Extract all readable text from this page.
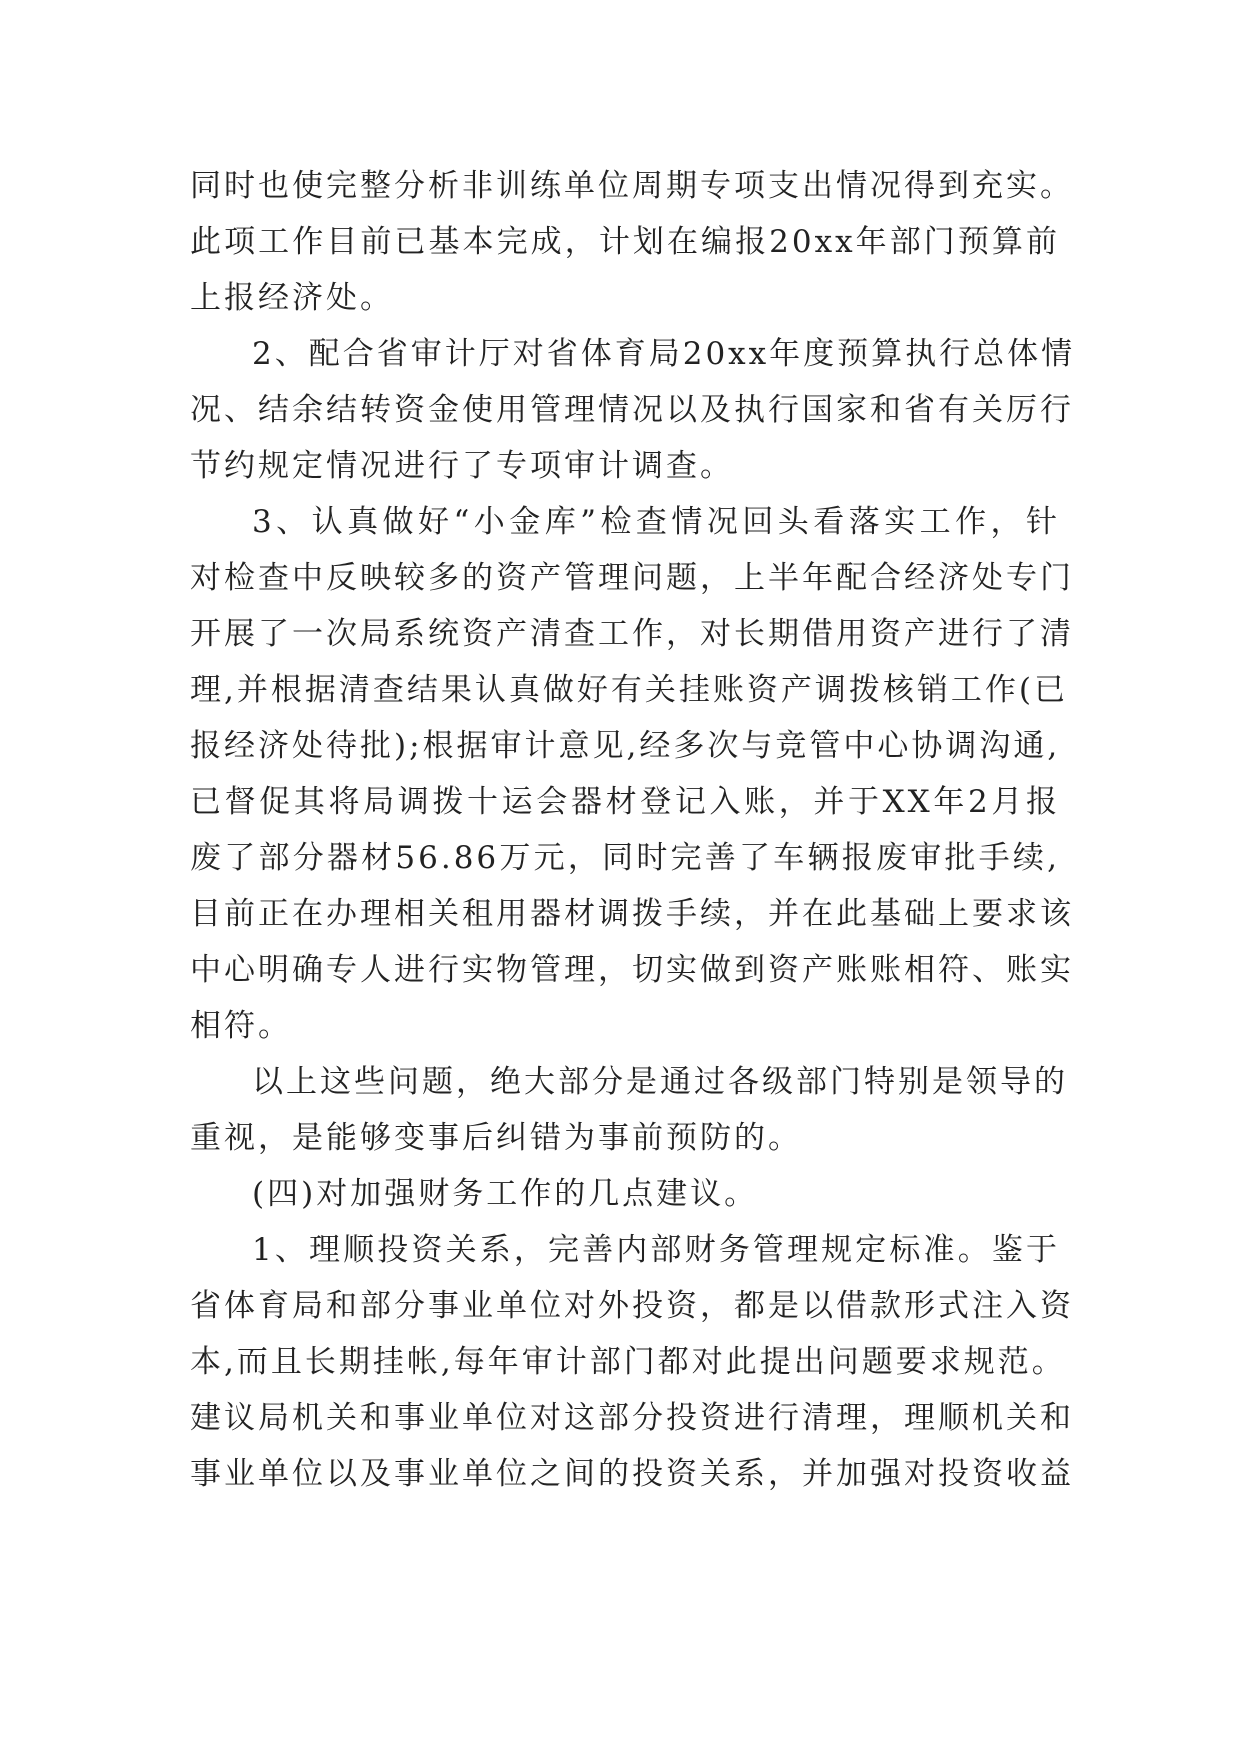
同时也使完整分析非训练单位周期专项支出情况得到充实。
此项工作目前已基本完成，计划在编报20xx年部门预算前
上报经济处。
2、配合省审计厅对省体育局20xx年度预算执行总体情
况、结余结转资金使用管理情况以及执行国家和省有关厉行
节约规定情况进行了专项审计调查。
3、认真做好“小金库”检查情况回头看落实工作，针
对检查中反映较多的资产管理问题，上半年配合经济处专门
开展了一次局系统资产清查工作，对长期借用资产进行了清
理,并根据清查结果认真做好有关挂账资产调拨核销工作(已
报经济处待批);根据审计意见,经多次与竞管中心协调沟通,
已督促其将局调拨十运会器材登记入账，并于XX年2月报
废了部分器材56.86万元，同时完善了车辆报废审批手续,
目前正在办理相关租用器材调拨手续，并在此基础上要求该
中心明确专人进行实物管理，切实做到资产账账相符、账实
相符。
以上这些问题，绝大部分是通过各级部门特别是领导的
重视，是能够变事后纠错为事前预防的。
(四)对加强财务工作的几点建议。
1、理顺投资关系，完善内部财务管理规定标准。鉴于
省体育局和部分事业单位对外投资，都是以借款形式注入资
本,而且长期挂帐,每年审计部门都对此提出问题要求规范。
建议局机关和事业单位对这部分投资进行清理，理顺机关和
事业单位以及事业单位之间的投资关系，并加强对投资收益
